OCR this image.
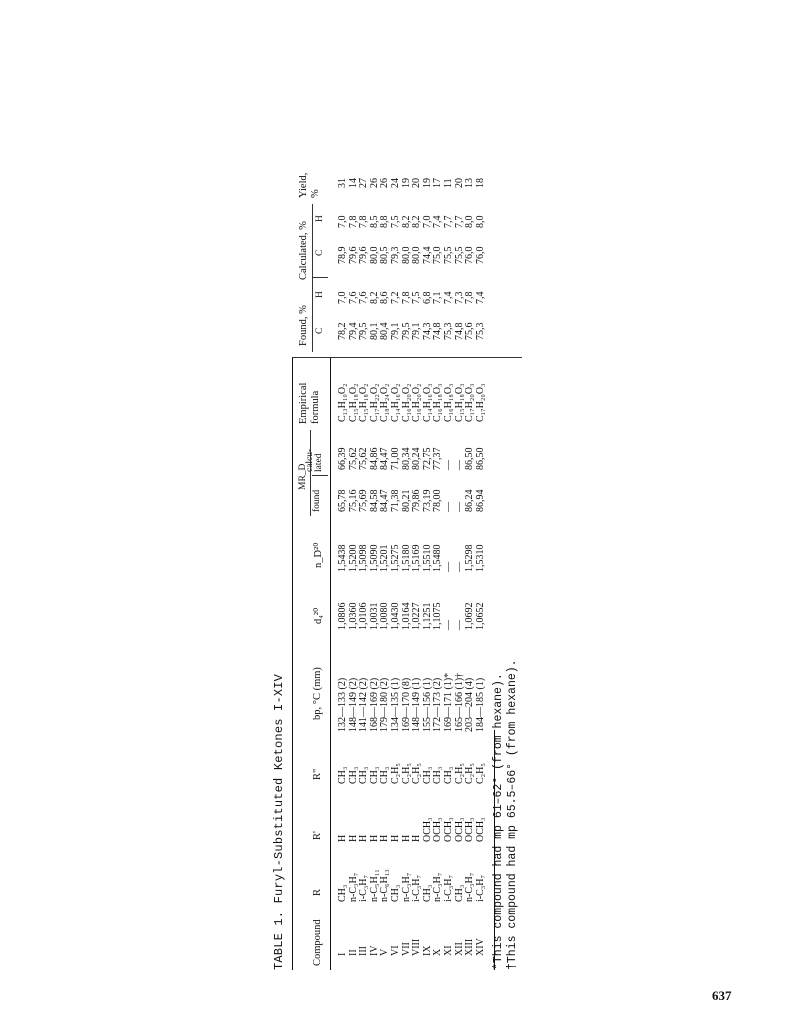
TABLE 1. Furyl-Substituted Ketones I-XIV Compound
R
R'
R"
bp, °C (mm)
d₄²⁰
n_D²⁰
MR_D
found
calcu-lated
Empirical formula
Found, % C
H
Calculated, % C
H
Yield, %
I II III IV V VI VII VIII IX X XI XII XIII XIV
CH₃ n-C₃H₇ i-C₃H₇ n-C₅H₁₁ n-C₆H₁₃ CH₃ n-C₃H₇ i-C₃H₇ CH₃ n-C₃H₇ i-C₃H₇ CH₃ n-C₃H₇ i-C₃H₇
H H H H H H H H OCH₃ OCH₃ OCH₃ OCH₃ OCH₃ OCH₃
CH₃ CH₃ CH₃ CH₃ CH₃ C₂H₅ C₂H₅ C₂H₅ CH₃ CH₃ CH₃ C₂H₅ C₂H₅ C₂H₅
132—133 (2) 148—149 (2) 141—142 (2) 168—169 (2) 179—180 (2) 134—135 (1) 169—170 (8) 148—149 (1) 155—156 (1) 172—173 (2) 169—171 (1)* 165—166 (1)† 203—204 (4) 184—185 (1)
1,0806 1,0360 1,0106 1,0031 1,0080 1,0430 1,0164 1,0227 1,1251 1,1075 — — 1,0692 1,0652
1,5438 1,5200 1,5098 1,5090 1,5201 1,5275 1,5180 1,5169 1,5510 1,5480 — — 1,5298 1,5310
65,78 75,16 75,69 84,58 84,47 71,38 80,21 79,86 73,19 78,00 — — 86,24 86,94
66,39 75,62 75,62 84,86 84,47 71,00 80,34 80,24 72,75 77,37 — — 86,50 86,50
C₁₃H₁₀O₂ C₁₅H₁₈O₂ C₁₅H₁₈O₂ C₁₇H₂₂O₂ C₁₈H₂₄O₂ C₁₄H₁₆O₂ C₁₆H₂₀O₂ C₁₆H₂₀O₂ C₁₄H₁₆O₃ C₁₆H₁₈O₃ C₁₆H₁₈O₃ C₁₅H₁₈O₃ C₁₇H₂₀O₃ C₁₇H₂₀O₃
78,2 79,4 79,5 80,1 80,4 79,1 79,5 79,1 74,3 74,8 75,3 74,8 75,6 75,3
7,0 7,6 7,6 8,2 8,6 7,2 7,8 7,5 6,8 7,1 7,4 7,3 7,8 7,4
78,9 79,6 79,6 80,0 80,5 79,3 80,0 80,0 74,4 75,0 75,5 75,5 76,0 76,0
7,0 7,8 7,8 8,5 8,8 7,5 8,2 8,2 7,0 7,4 7,7 7,7 8,0 8,0
31 14 27 26 26 24 19 20 19 17 11 20 13 18
*This compound had mp 61–62° (from hexane). †This compound had mp 65.5–66° (from hexane).
637
